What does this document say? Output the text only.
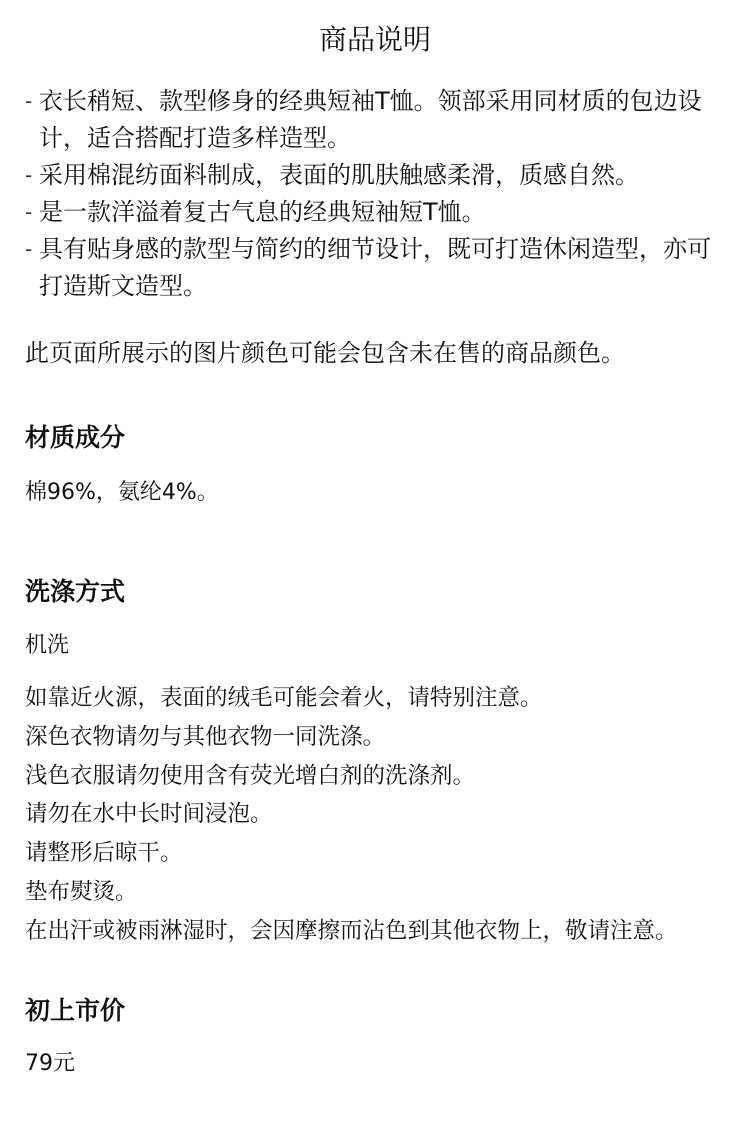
商品说明
- 衣长稍短、款型修身的经典短袖T恤。领部采用同材质的包边设计，适合搭配打造多样造型。
- 采用棉混纺面料制成，表面的肌肤触感柔滑，质感自然。
- 是一款洋溢着复古气息的经典短袖短T恤。
- 具有贴身感的款型与简约的细节设计，既可打造休闲造型，亦可打造斯文造型。

此页面所展示的图片颜色可能会包含未在售的商品颜色。

材质成分

棉96%，氨纶4%。

洗涤方式

机洗

如靠近火源，表面的绒毛可能会着火，请特别注意。
深色衣物请勿与其他衣物一同洗涤。
浅色衣服请勿使用含有荧光增白剂的洗涤剂。
请勿在水中长时间浸泡。
请整形后晾干。
垫布熨烫。
在出汗或被雨淋湿时，会因摩擦而沾色到其他衣物上，敬请注意。
初上市价

79元
